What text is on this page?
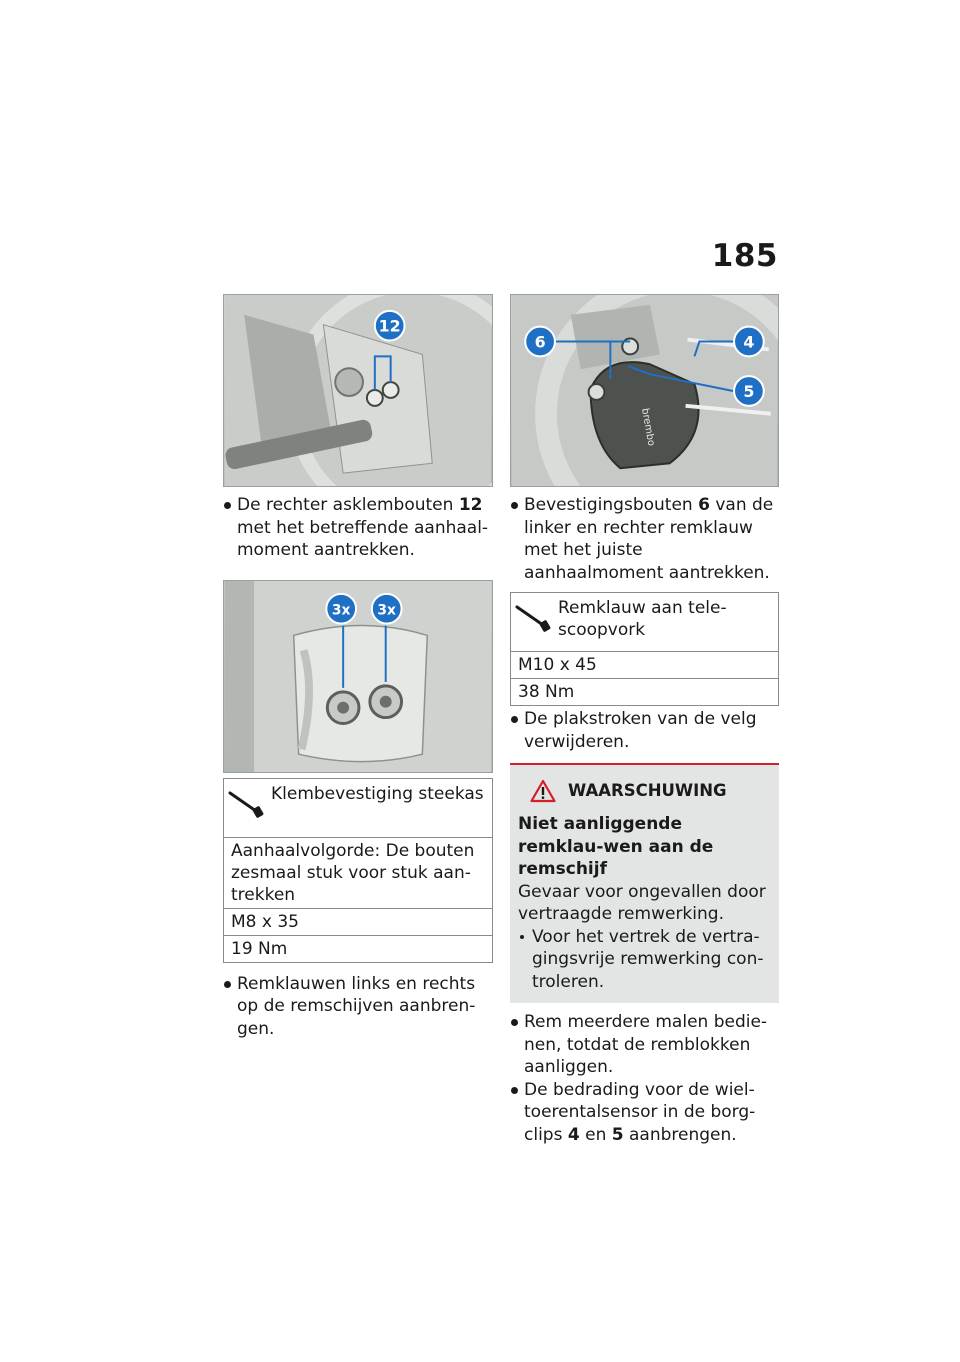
185
12
De rechter asklembouten 12 met het betreffende aanhaal-moment aantrekken.
3x 3x
Klembevestiging steekas

Aanhaalvolgorde: De bouten zesmaal stuk voor stuk aan-trekken
M8 x 35
19 Nm
Remklauwen links en rechts op de remschijven aanbren-gen.
brembo
6	4
5
Bevestigingsbouten 6 van de linker en rechter remklauw met het juiste aanhaalmoment aantrekken.
Remklauw aan tele-scoopvork

M10 x 45
38 Nm
De plakstroken van de velg verwijderen.
WAARSCHUWING
Niet aanliggende remklau-wen aan de remschijf
Gevaar voor ongevallen door vertraagde remwerking.
Voor het vertrek de vertra-gingsvrije remwerking con-troleren.
Rem meerdere malen bedie-nen, totdat de remblokken aanliggen.
De bedrading voor de wiel-toerentalsensor in de borg-clips 4 en 5 aanbrengen.
